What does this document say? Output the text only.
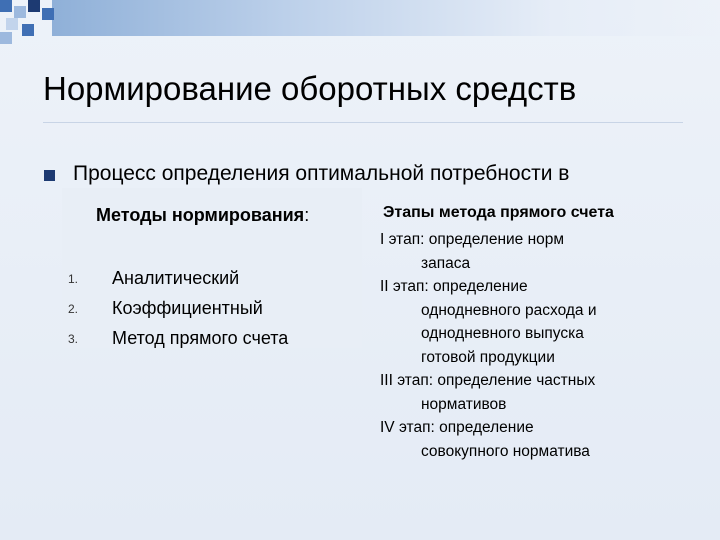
Нормирование оборотных средств
Процесс определения оптимальной потребности в
Методы нормирования:
1. Аналитический
2. Коэффициентный
3. Метод прямого счета
Этапы метода прямого счета
I этап: определение норм
запаса
II этап: определение
однодневного расхода и
однодневного выпуска
готовой продукции
III этап: определение частных
нормативов
IV этап: определение
совокупного норматива
